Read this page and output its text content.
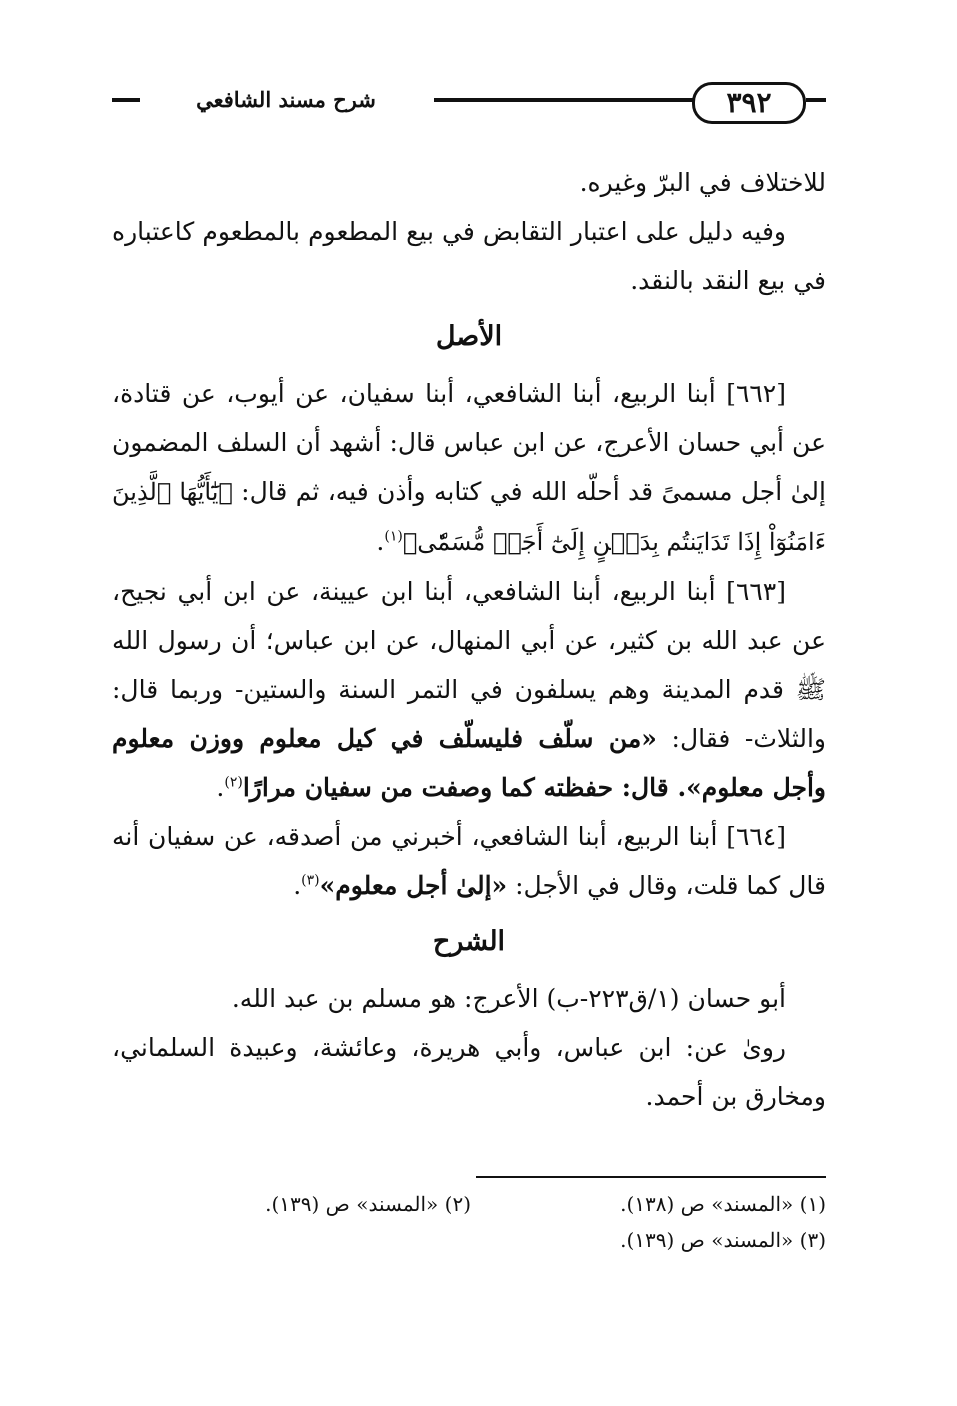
شرح مسند الشافعي	٣٩٢

للاختلاف في البرّ وغيره.

وفيه دليل على اعتبار التقابض في بيع المطعوم بالمطعوم كاعتباره في بيع النقد بالنقد.

الأصل

[٦٦٢] أبنا الربيع، أبنا الشافعي، أبنا سفيان، عن أيوب، عن قتادة، عن أبي حسان الأعرج، عن ابن عباس قال: أشهد أن السلف المضمون إلىٰ أجل مسمىً قد أحلّه الله في كتابه وأذن فيه، ثم قال: ﴿يَٰٓأَيُّهَا ٱلَّذِينَ ءَامَنُوٓاْ إِذَا تَدَايَنتُم بِدَيۡنٍ إِلَىٰٓ أَجَلٖ مُّسَمّٗى﴾$^{(١)}$.

[٦٦٣] أبنا الربيع، أبنا الشافعي، أبنا ابن عيينة، عن ابن أبي نجيح، عن عبد الله بن كثير، عن أبي المنهال، عن ابن عباس؛ أن رسول الله ﷺ قدم المدينة وهم يسلفون في التمر السنة والستين- وربما قال: والثلاث- فقال: «من سلّف فليسلّف في كيل معلوم ووزن معلوم وأجل معلوم». قال: حفظته كما وصفت من سفيان مرارًا$^{(٢)}$.

[٦٦٤] أبنا الربيع، أبنا الشافعي، أخبرني من أصدقه، عن سفيان أنه قال كما قلت، وقال في الأجل: «إلىٰ أجل معلوم»$^{(٣)}$.

الشرح

أبو حسان (١/ق٢٢٣-ب) الأعرج: هو مسلم بن عبد الله.

روىٰ عن: ابن عباس، وأبي هريرة، وعائشة، وعبيدة السلماني، ومخارق بن أحمد.

(١) «المسند» ص (١٣٨).
(٢) «المسند» ص (١٣٩).
(٣) «المسند» ص (١٣٩).
